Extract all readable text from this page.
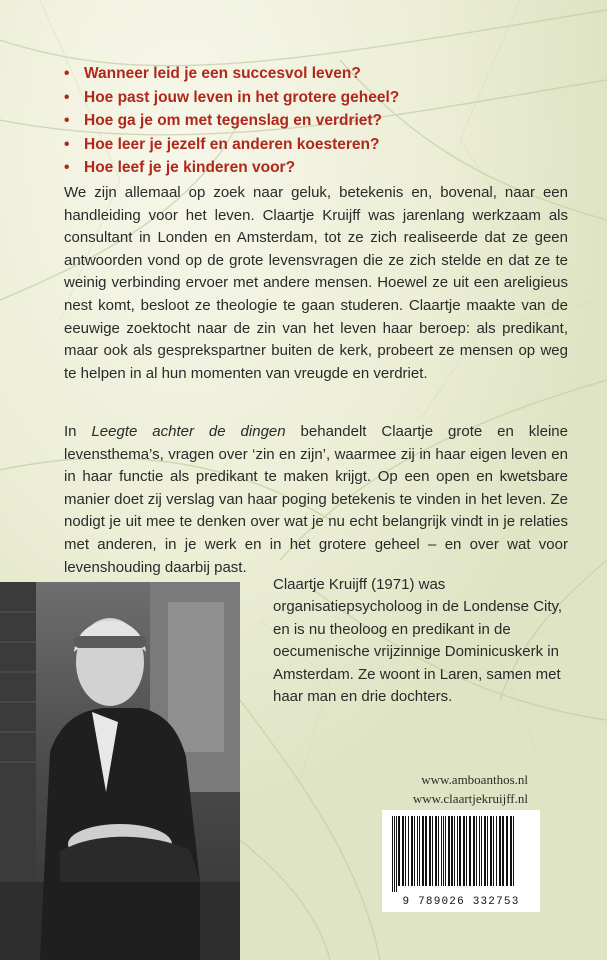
• Wanneer leid je een succesvol leven?
• Hoe past jouw leven in het grotere geheel?
• Hoe ga je om met tegenslag en verdriet?
• Hoe leer je jezelf en anderen koesteren?
• Hoe leef je je kinderen voor?

We zijn allemaal op zoek naar geluk, betekenis en, bovenal, naar een handleiding voor het leven. Claartje Kruijff was jarenlang werkzaam als consultant in Londen en Amsterdam, tot ze zich realiseerde dat ze geen antwoorden vond op de grote levensvragen die ze zich stelde en dat ze te weinig verbinding ervoer met andere mensen. Hoewel ze uit een areligieus nest komt, besloot ze theologie te gaan studeren. Claartje maakte van de eeuwige zoektocht naar de zin van het leven haar beroep: als predikant, maar ook als gesprekspartner buiten de kerk, probeert ze mensen op weg te helpen in al hun momenten van vreugde en verdriet.

In Leegte achter de dingen behandelt Claartje grote en kleine levensthema’s, vragen over ‘zin en zijn’, waarmee zij in haar eigen leven en in haar functie als predikant te maken krijgt. Op een open en kwetsbare manier doet zij verslag van haar poging betekenis te vinden in het leven. Ze nodigt je uit mee te denken over wat je nu echt belangrijk vindt in je relaties met anderen, in je werk en in het grotere geheel – en over wat voor levenshouding daarbij past.

Claartje Kruijff (1971) was organisatiepsycholoog in de Londense City, en is nu theoloog en predikant in de oecumenische vrijzinnige Dominicuskerk in Amsterdam. Ze woont in Laren, samen met haar man en drie dochters.

www.amboanthos.nl
www.claartjekruijff.nl
9 789026 332753
